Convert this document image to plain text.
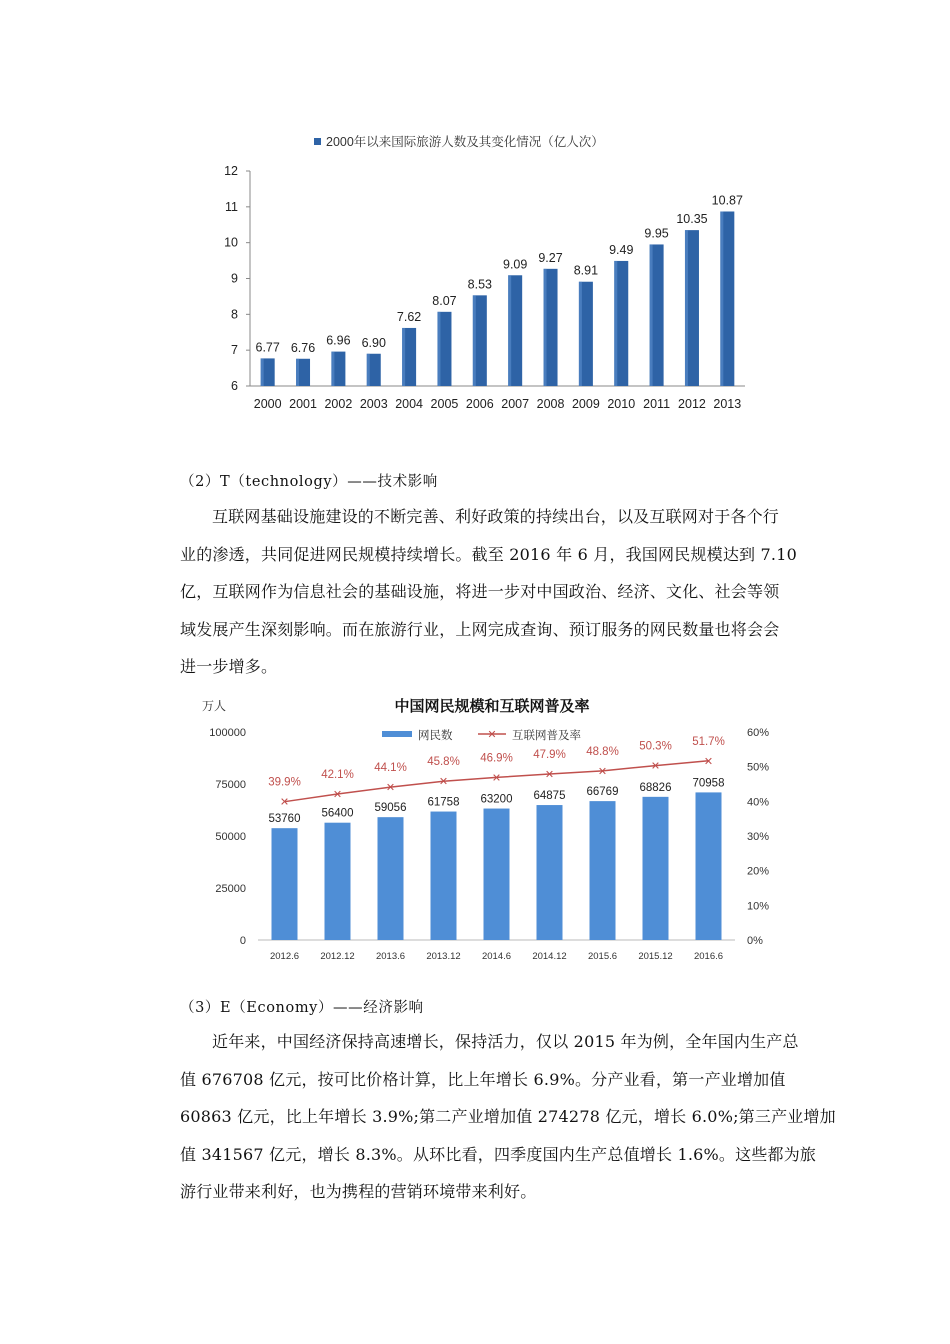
2000年以来国际旅游人数及其变化情况（亿人次）
6
7
8
9
10
11
12
6.77
2000
6.76
2001
6.96
2002
6.90
2003
7.62
2004
8.07
2005
8.53
2006
9.09
2007
9.27
2008
8.91
2009
9.49
2010
9.95
2011
10.35
2012
10.87
2013
（2）T（technology）——技术影响
互联网基础设施建设的不断完善、利好政策的持续出台，以及互联网对于各个行
业的渗透，共同促进网民规模持续增长。截至 2016 年 6 月，我国网民规模达到 7.10
亿，互联网作为信息社会的基础设施，将进一步对中国政治、经济、文化、社会等领
域发展产生深刻影响。而在旅游行业，上网完成查询、预订服务的网民数量也将会会
进一步增多。
中国网民规模和互联网普及率
万人
网民数	✕ 互联网普及率
0
25000
50000
75000
100000
0%
10%
20%
30%
40%
50%
60%
53760
2012.6
56400
2012.12
59056
2013.6
61758
2013.12
63200
2014.6
64875
2014.12
66769
2015.6
68826
2015.12
70958
2016.6
✕
39.9%
✕
42.1%
✕
44.1%
✕
45.8%
✕
46.9%
✕
47.9%
✕
48.8%
✕
50.3%
✕
51.7%
（3）E（Economy）——经济影响
近年来，中国经济保持高速增长，保持活力，仅以 2015 年为例，全年国内生产总
值 676708 亿元，按可比价格计算，比上年增长 6.9%。分产业看，第一产业增加值
60863 亿元，比上年增长 3.9%;第二产业增加值 274278 亿元，增长 6.0%;第三产业增加
值 341567 亿元，增长 8.3%。从环比看，四季度国内生产总值增长 1.6%。这些都为旅
游行业带来利好，也为携程的营销环境带来利好。
